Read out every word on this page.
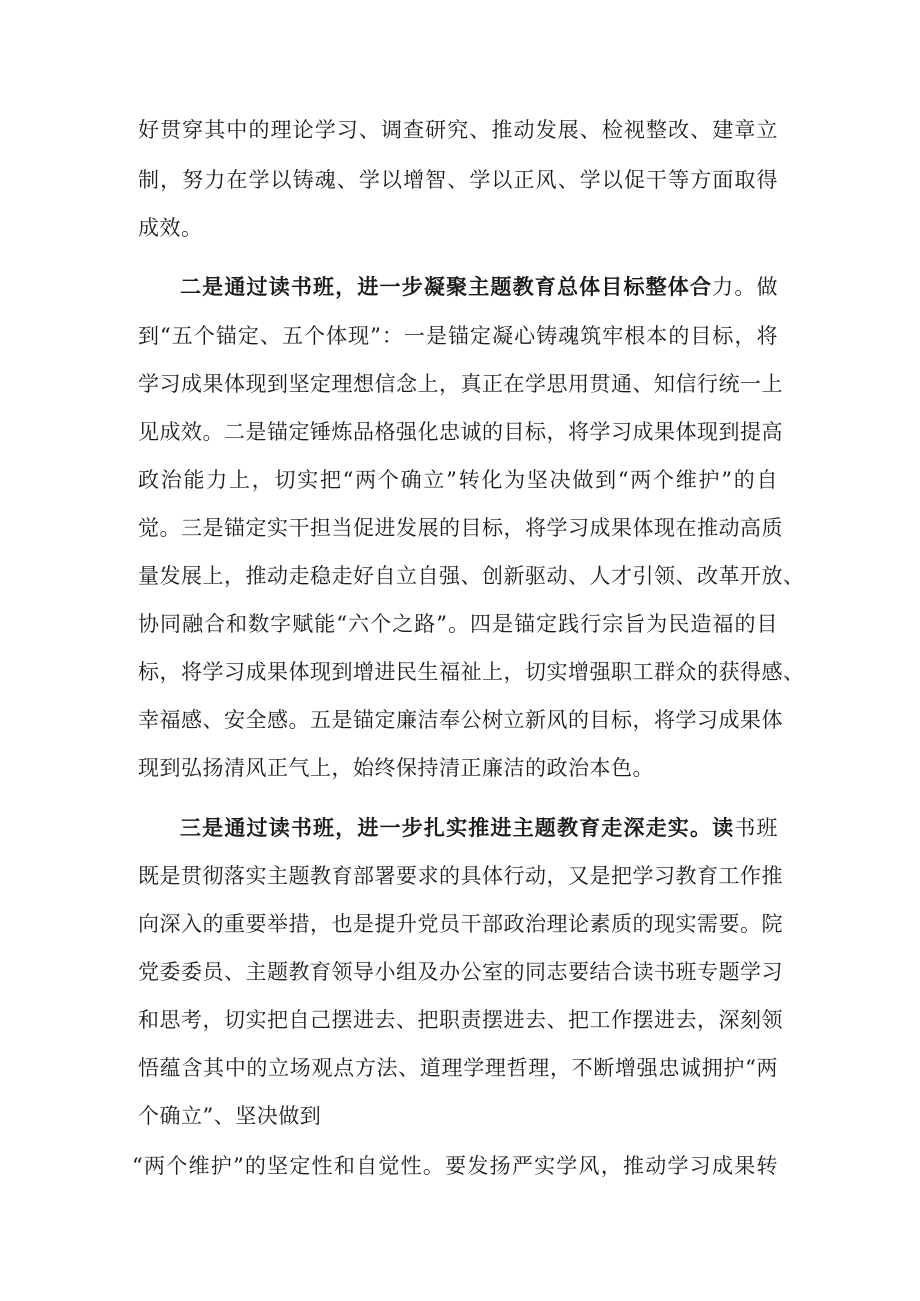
好贯穿其中的理论学习、调查研究、推动发展、检视整改、建章立

制，努力在学以铸魂、学以增智、学以正风、学以促干等方面取得

成效。

二是通过读书班，进一步凝聚主题教育总体目标整体合力。做

到“五个锚定、五个体现”：一是锚定凝心铸魂筑牢根本的目标，将

学习成果体现到坚定理想信念上，真正在学思用贯通、知信行统一上

见成效。二是锚定锤炼品格强化忠诚的目标，将学习成果体现到提高

政治能力上，切实把“两个确立”转化为坚决做到“两个维护”的自

觉。三是锚定实干担当促进发展的目标，将学习成果体现在推动高质

量发展上，推动走稳走好自立自强、创新驱动、人才引领、改革开放、

协同融合和数字赋能“六个之路”。四是锚定践行宗旨为民造福的目

标，将学习成果体现到增进民生福祉上，切实增强职工群众的获得感、

幸福感、安全感。五是锚定廉洁奉公树立新风的目标，将学习成果体

现到弘扬清风正气上，始终保持清正廉洁的政治本色。

三是通过读书班，进一步扎实推进主题教育走深走实。读书班

既是贯彻落实主题教育部署要求的具体行动，又是把学习教育工作推

向深入的重要举措，也是提升党员干部政治理论素质的现实需要。院

党委委员、主题教育领导小组及办公室的同志要结合读书班专题学习

和思考，切实把自己摆进去、把职责摆进去、把工作摆进去，深刻领

悟蕴含其中的立场观点方法、道理学理哲理，不断增强忠诚拥护“两

个确立”、坚决做到

“两个维护”的坚定性和自觉性。要发扬严实学风，推动学习成果转
